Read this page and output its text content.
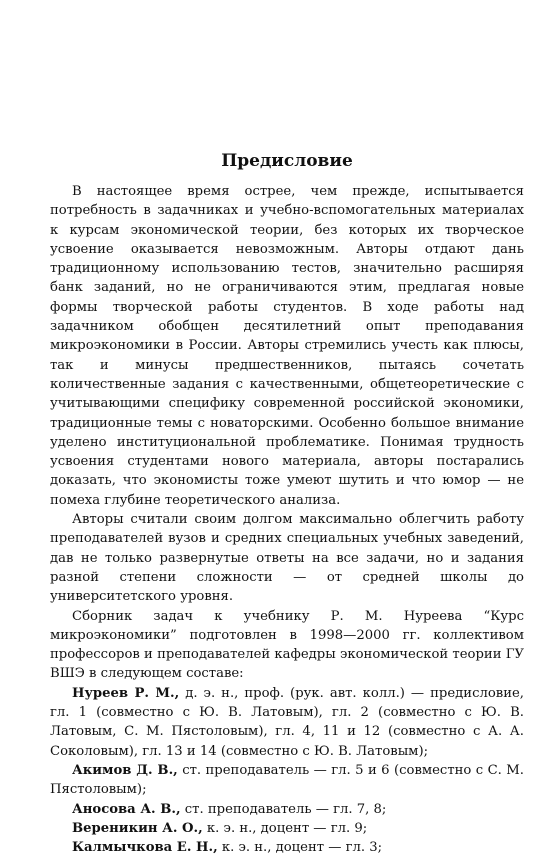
Предисловие

В настоящее время острее, чем прежде, испытывается потребность в задачниках и учебно-вспомогательных материалах к курсам экономической теории, без которых их творческое усвоение оказывается невозможным. Авторы отдают дань традиционному использованию тестов, значительно расширяя банк заданий, но не ограничиваются этим, предлагая новые формы творческой работы студентов. В ходе работы над задачником обобщен десятилетний опыт преподавания микроэкономики в России. Авторы стремились учесть как плюсы, так и минусы предшественников, пытаясь сочетать количественные задания с качественными, общетеоретические с учитывающими специфику современной российской экономики, традиционные темы с новаторскими. Особенно большое внимание уделено институциональной проблематике. Понимая трудность усвоения студентами нового материала, авторы постарались доказать, что экономисты тоже умеют шутить и что юмор — не помеха глубине теоретического анализа.

Авторы считали своим долгом максимально облегчить работу преподавателей вузов и средних специальных учебных заведений, дав не только развернутые ответы на все задачи, но и задания разной степени сложности — от средней школы до университетского уровня.

Сборник задач к учебнику Р. М. Нуреева “Курс микроэкономики” подготовлен в 1998—2000 гг. коллективом профессоров и преподавателей кафедры экономической теории ГУ ВШЭ в следующем составе:

Нуреев Р. М., д. э. н., проф. (рук. авт. колл.) — предисловие, гл. 1 (совместно с Ю. В. Латовым), гл. 2 (совместно с Ю. В. Латовым, С. М. Пястоловым), гл. 4, 11 и 12 (совместно с А. А. Соколовым), гл. 13 и 14 (совместно с Ю. В. Латовым);

Акимов Д. В., ст. преподаватель — гл. 5 и 6 (совместно с С. М. Пястоловым);

Аносова А. В., ст. преподаватель — гл. 7, 8;

Верeникин А. О., к. э. н., доцент — гл. 9;

Калмычкова Е. Н., к. э. н., доцент — гл. 3;
